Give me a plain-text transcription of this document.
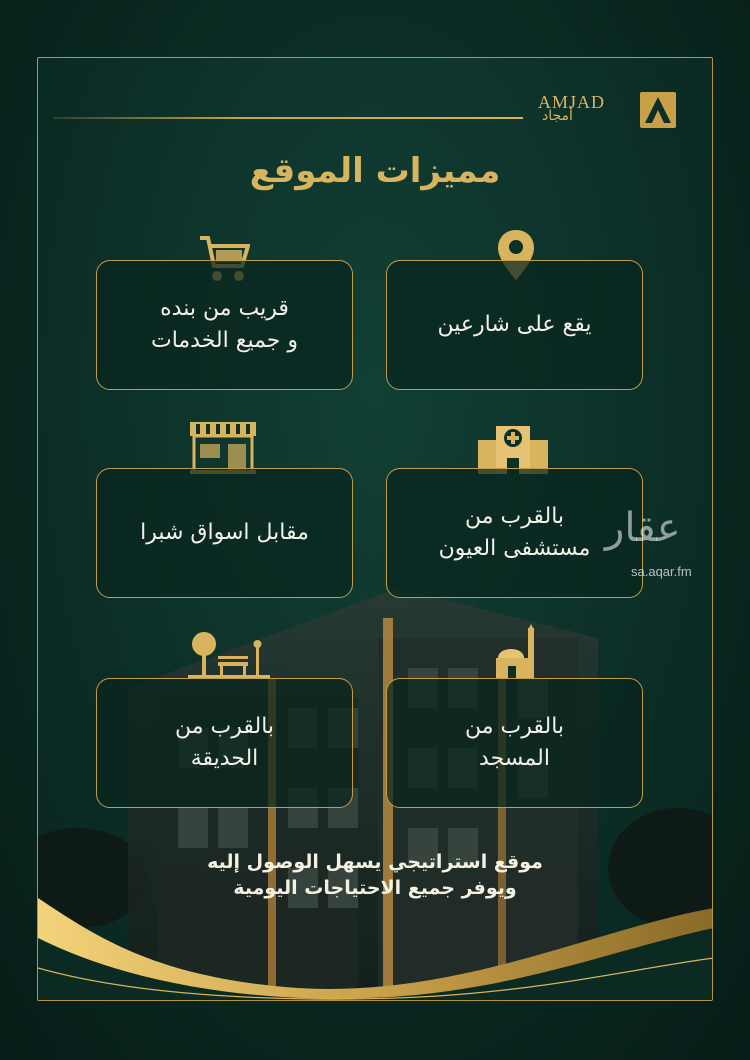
AMJAD
أمجاد
مميزات الموقع
يقع على شارعين
قريب من بنده
و جميع الخدمات
بالقرب من
مستشفى العيون
مقابل اسواق شبرا
بالقرب من
المسجد
بالقرب من
الحديقة
موقع استراتيجي يسهل الوصول إليه
ويوفر جميع الاحتياجات اليومية
عقار
sa.aqar.fm
